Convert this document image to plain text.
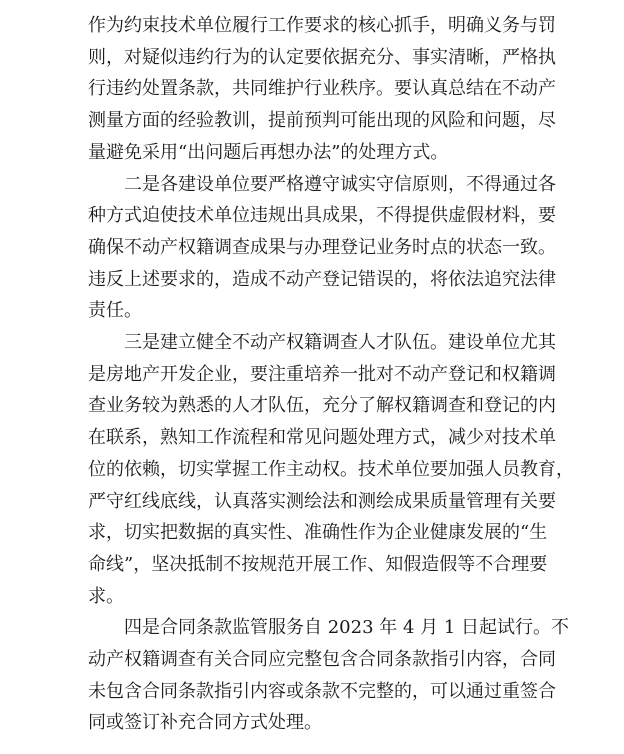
作为约束技术单位履行工作要求的核心抓手，明确义务与罚
则，对疑似违约行为的认定要依据充分、事实清晰，严格执
行违约处置条款，共同维护行业秩序。要认真总结在不动产
测量方面的经验教训，提前预判可能出现的风险和问题，尽
量避免采用“出问题后再想办法”的处理方式。
二是各建设单位要严格遵守诚实守信原则，不得通过各
种方式迫使技术单位违规出具成果，不得提供虚假材料，要
确保不动产权籍调查成果与办理登记业务时点的状态一致。
违反上述要求的，造成不动产登记错误的，将依法追究法律
责任。
三是建立健全不动产权籍调查人才队伍。建设单位尤其
是房地产开发企业，要注重培养一批对不动产登记和权籍调
查业务较为熟悉的人才队伍，充分了解权籍调查和登记的内
在联系，熟知工作流程和常见问题处理方式，减少对技术单
位的依赖，切实掌握工作主动权。技术单位要加强人员教育，
严守红线底线，认真落实测绘法和测绘成果质量管理有关要
求，切实把数据的真实性、准确性作为企业健康发展的“生
命线”，坚决抵制不按规范开展工作、知假造假等不合理要
求。
四是合同条款监管服务自 2023 年 4 月 1 日起试行。不
动产权籍调查有关合同应完整包含合同条款指引内容，合同
未包含合同条款指引内容或条款不完整的，可以通过重签合
同或签订补充合同方式处理。
